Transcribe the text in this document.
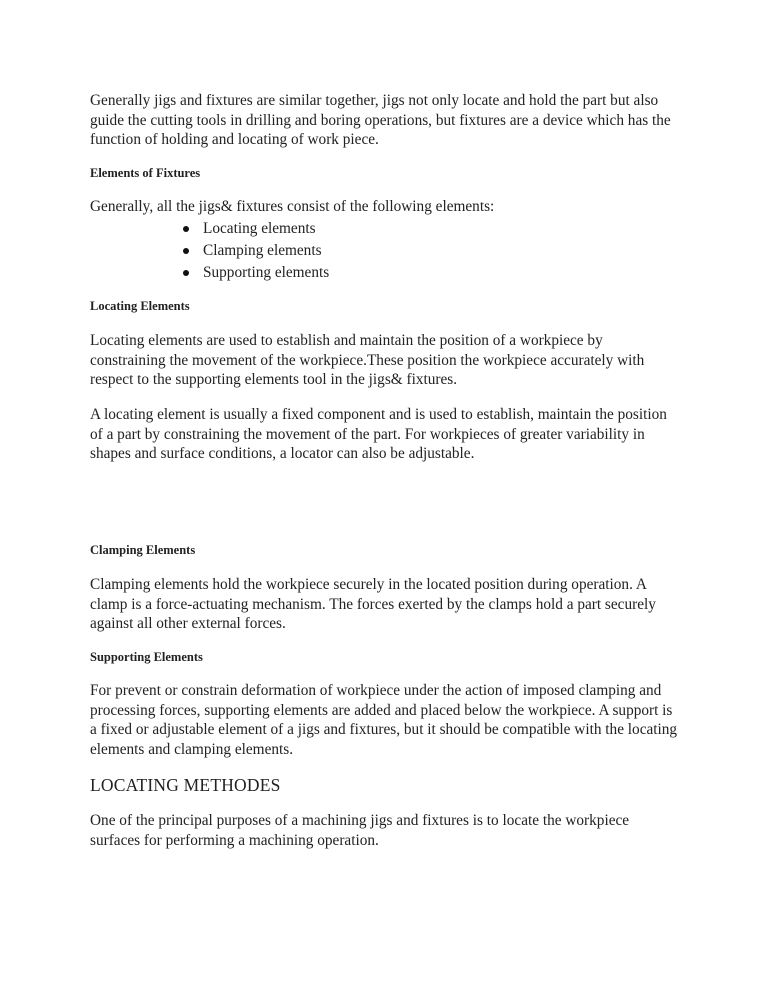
Generally jigs and fixtures are similar together, jigs not only locate and hold the part but also guide the cutting tools in drilling and boring operations, but fixtures are a device which has the function of holding and locating of work piece.

Elements of Fixtures

Generally, all the jigs& fixtures consist of the following elements:

Locating elements
Clamping elements
Supporting elements

Locating Elements

Locating elements are used to establish and maintain the position of a workpiece by constraining the movement of the workpiece.These position the workpiece accurately with respect to the supporting elements tool in the jigs& fixtures.

A locating element is usually a fixed component and is used to establish, maintain the position of a part by constraining the movement of the part. For workpieces of greater variability in shapes and surface conditions, a locator can also be adjustable.

Clamping Elements

Clamping elements hold the workpiece securely in the located position during operation. A clamp is a force-actuating mechanism. The forces exerted by the clamps hold a part securely against all other external forces.

Supporting Elements

For prevent or constrain deformation of workpiece under the action of imposed clamping and processing forces, supporting elements are added and placed below the workpiece. A support is a fixed or adjustable element of a jigs and fixtures, but it should be compatible with the locating elements and clamping elements.

LOCATING METHODES

One of the principal purposes of a machining jigs and fixtures is to locate the workpiece surfaces for performing a machining operation.
